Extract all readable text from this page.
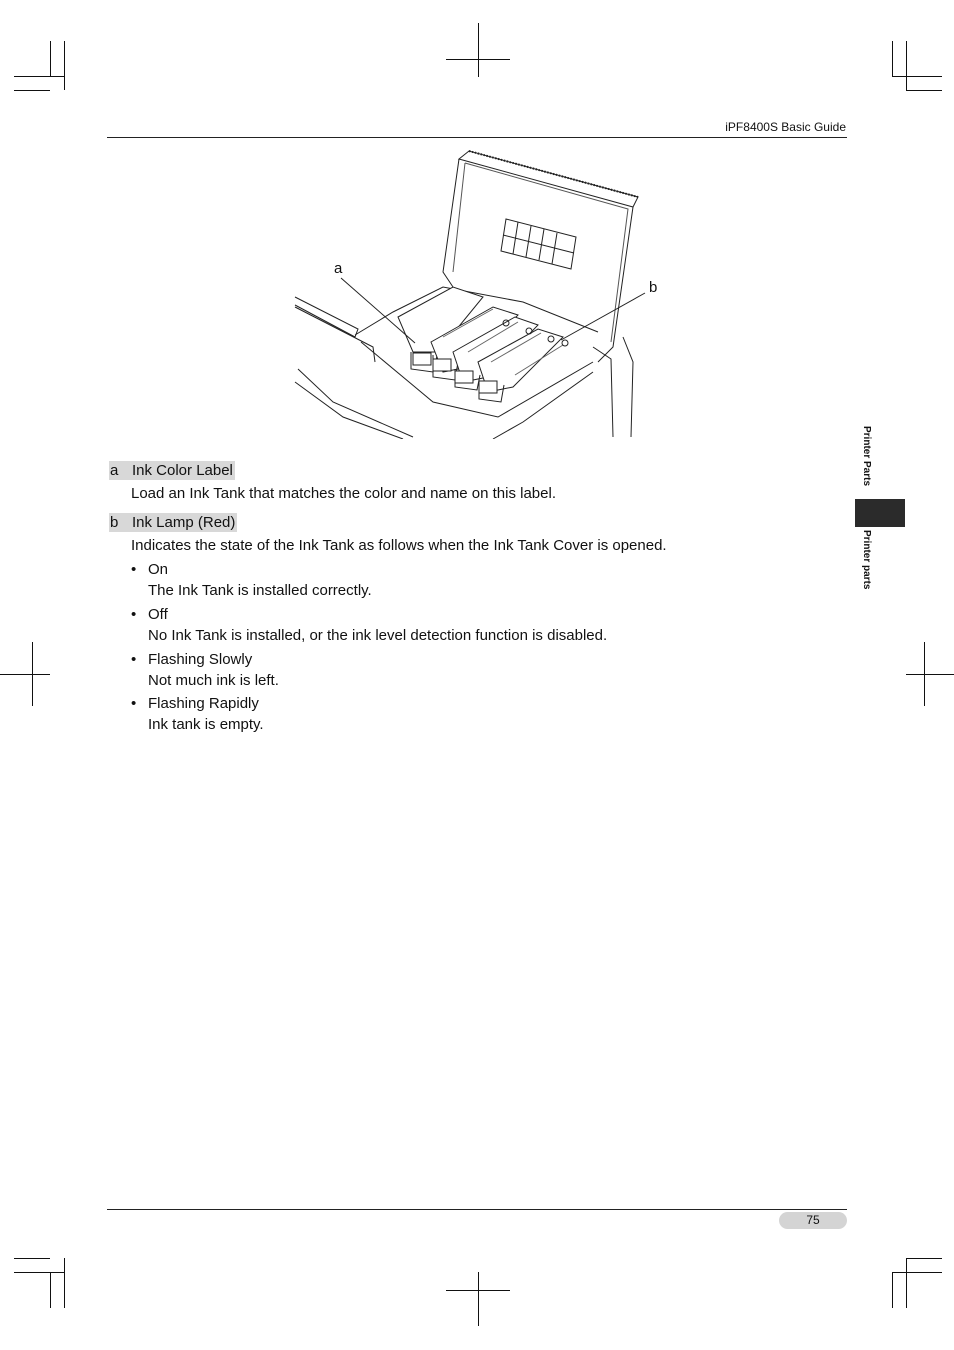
iPF8400S Basic Guide
Printer Parts
Printer parts
a
b
a Ink Color Label
Load an Ink Tank that matches the color and name on this label.
b Ink Lamp (Red)
Indicates the state of the Ink Tank as follows when the Ink Tank Cover is opened.
• On
The Ink Tank is installed correctly.
• Off
No Ink Tank is installed, or the ink level detection function is disabled.
• Flashing Slowly
Not much ink is left.
• Flashing Rapidly
Ink tank is empty.
75
